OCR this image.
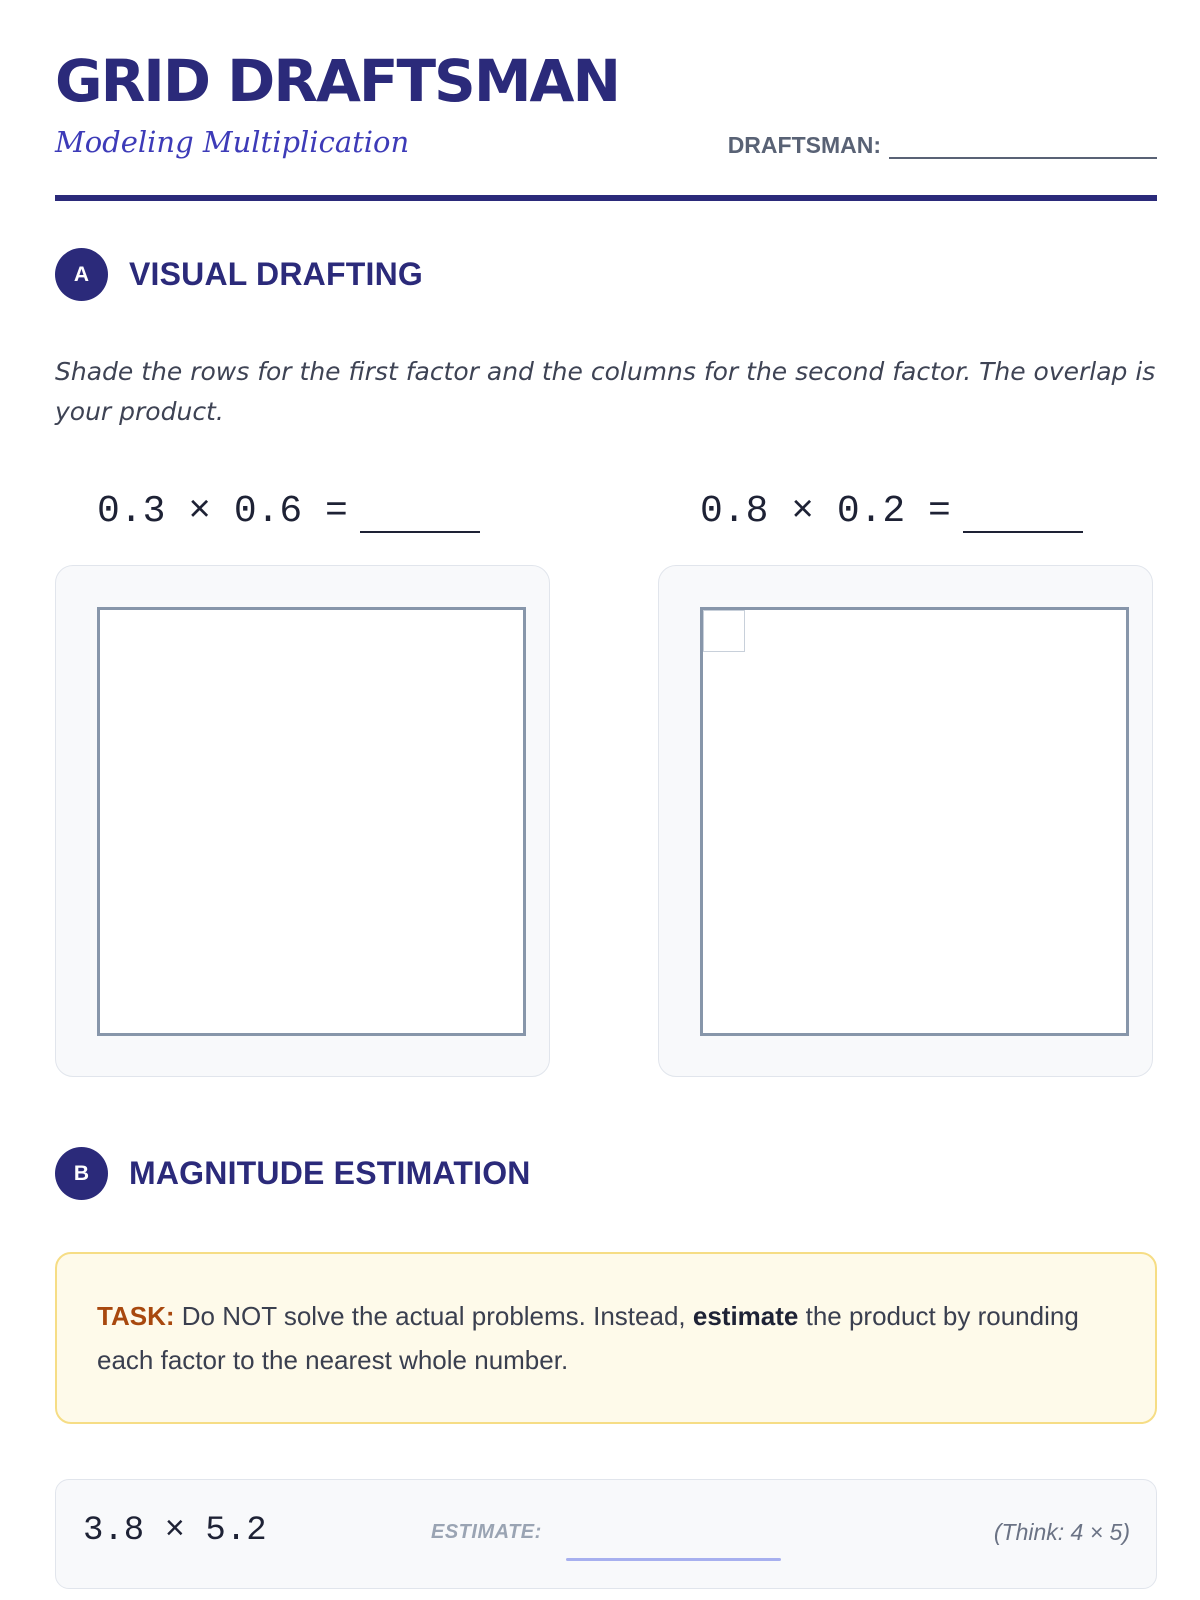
GRID DRAFTSMAN
Modeling Multiplication	DRAFTSMAN:
A	VISUAL DRAFTING
Shade the rows for the first factor and the columns for the second factor. The overlap is your product.
0.3 × 0.6 =	0.8 × 0.2 =
B	MAGNITUDE ESTIMATION
TASK: Do NOT solve the actual problems. Instead, estimate the product by rounding each factor to the nearest whole number.
3.8 × 5.2	ESTIMATE:	(Think: 4 × 5)
